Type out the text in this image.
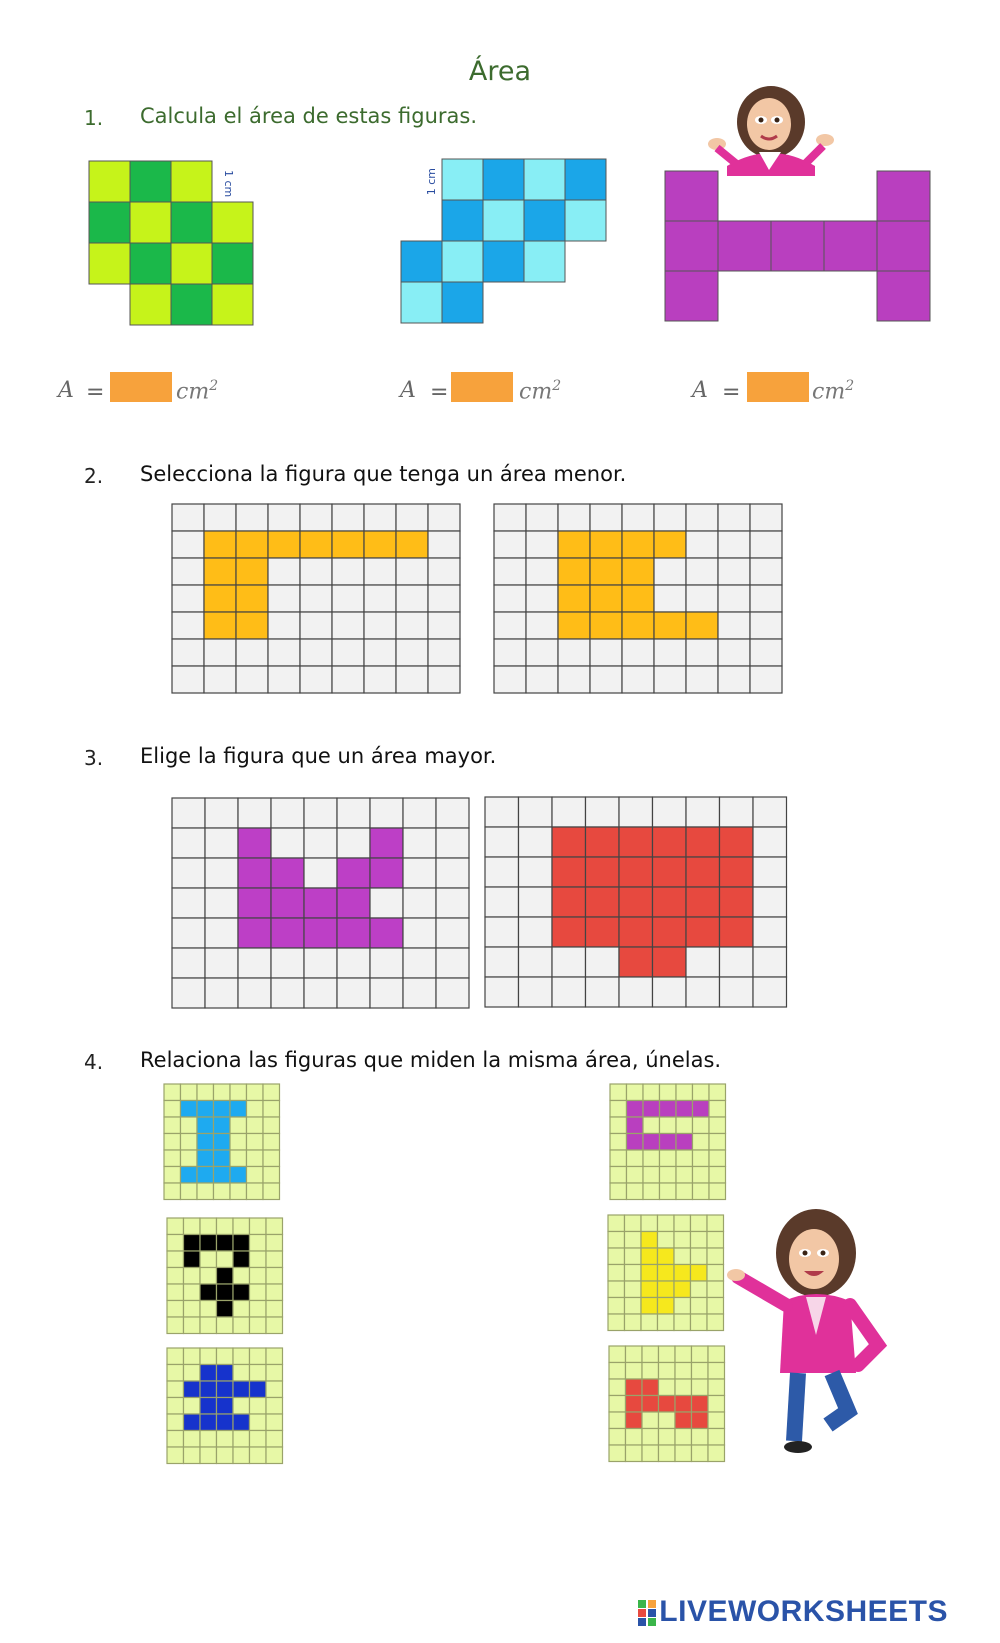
Área
1. Calcula el área de estas figuras.
1 cm	1 cm
A =	$cm^2$	A =	$cm^2$	A =	$cm^2$
2. Selecciona la figura que tenga un área menor.
3. Elige la figura que un área mayor.
4. Relaciona las figuras que miden la misma área, únelas.
LIVEWORKSHEETS
